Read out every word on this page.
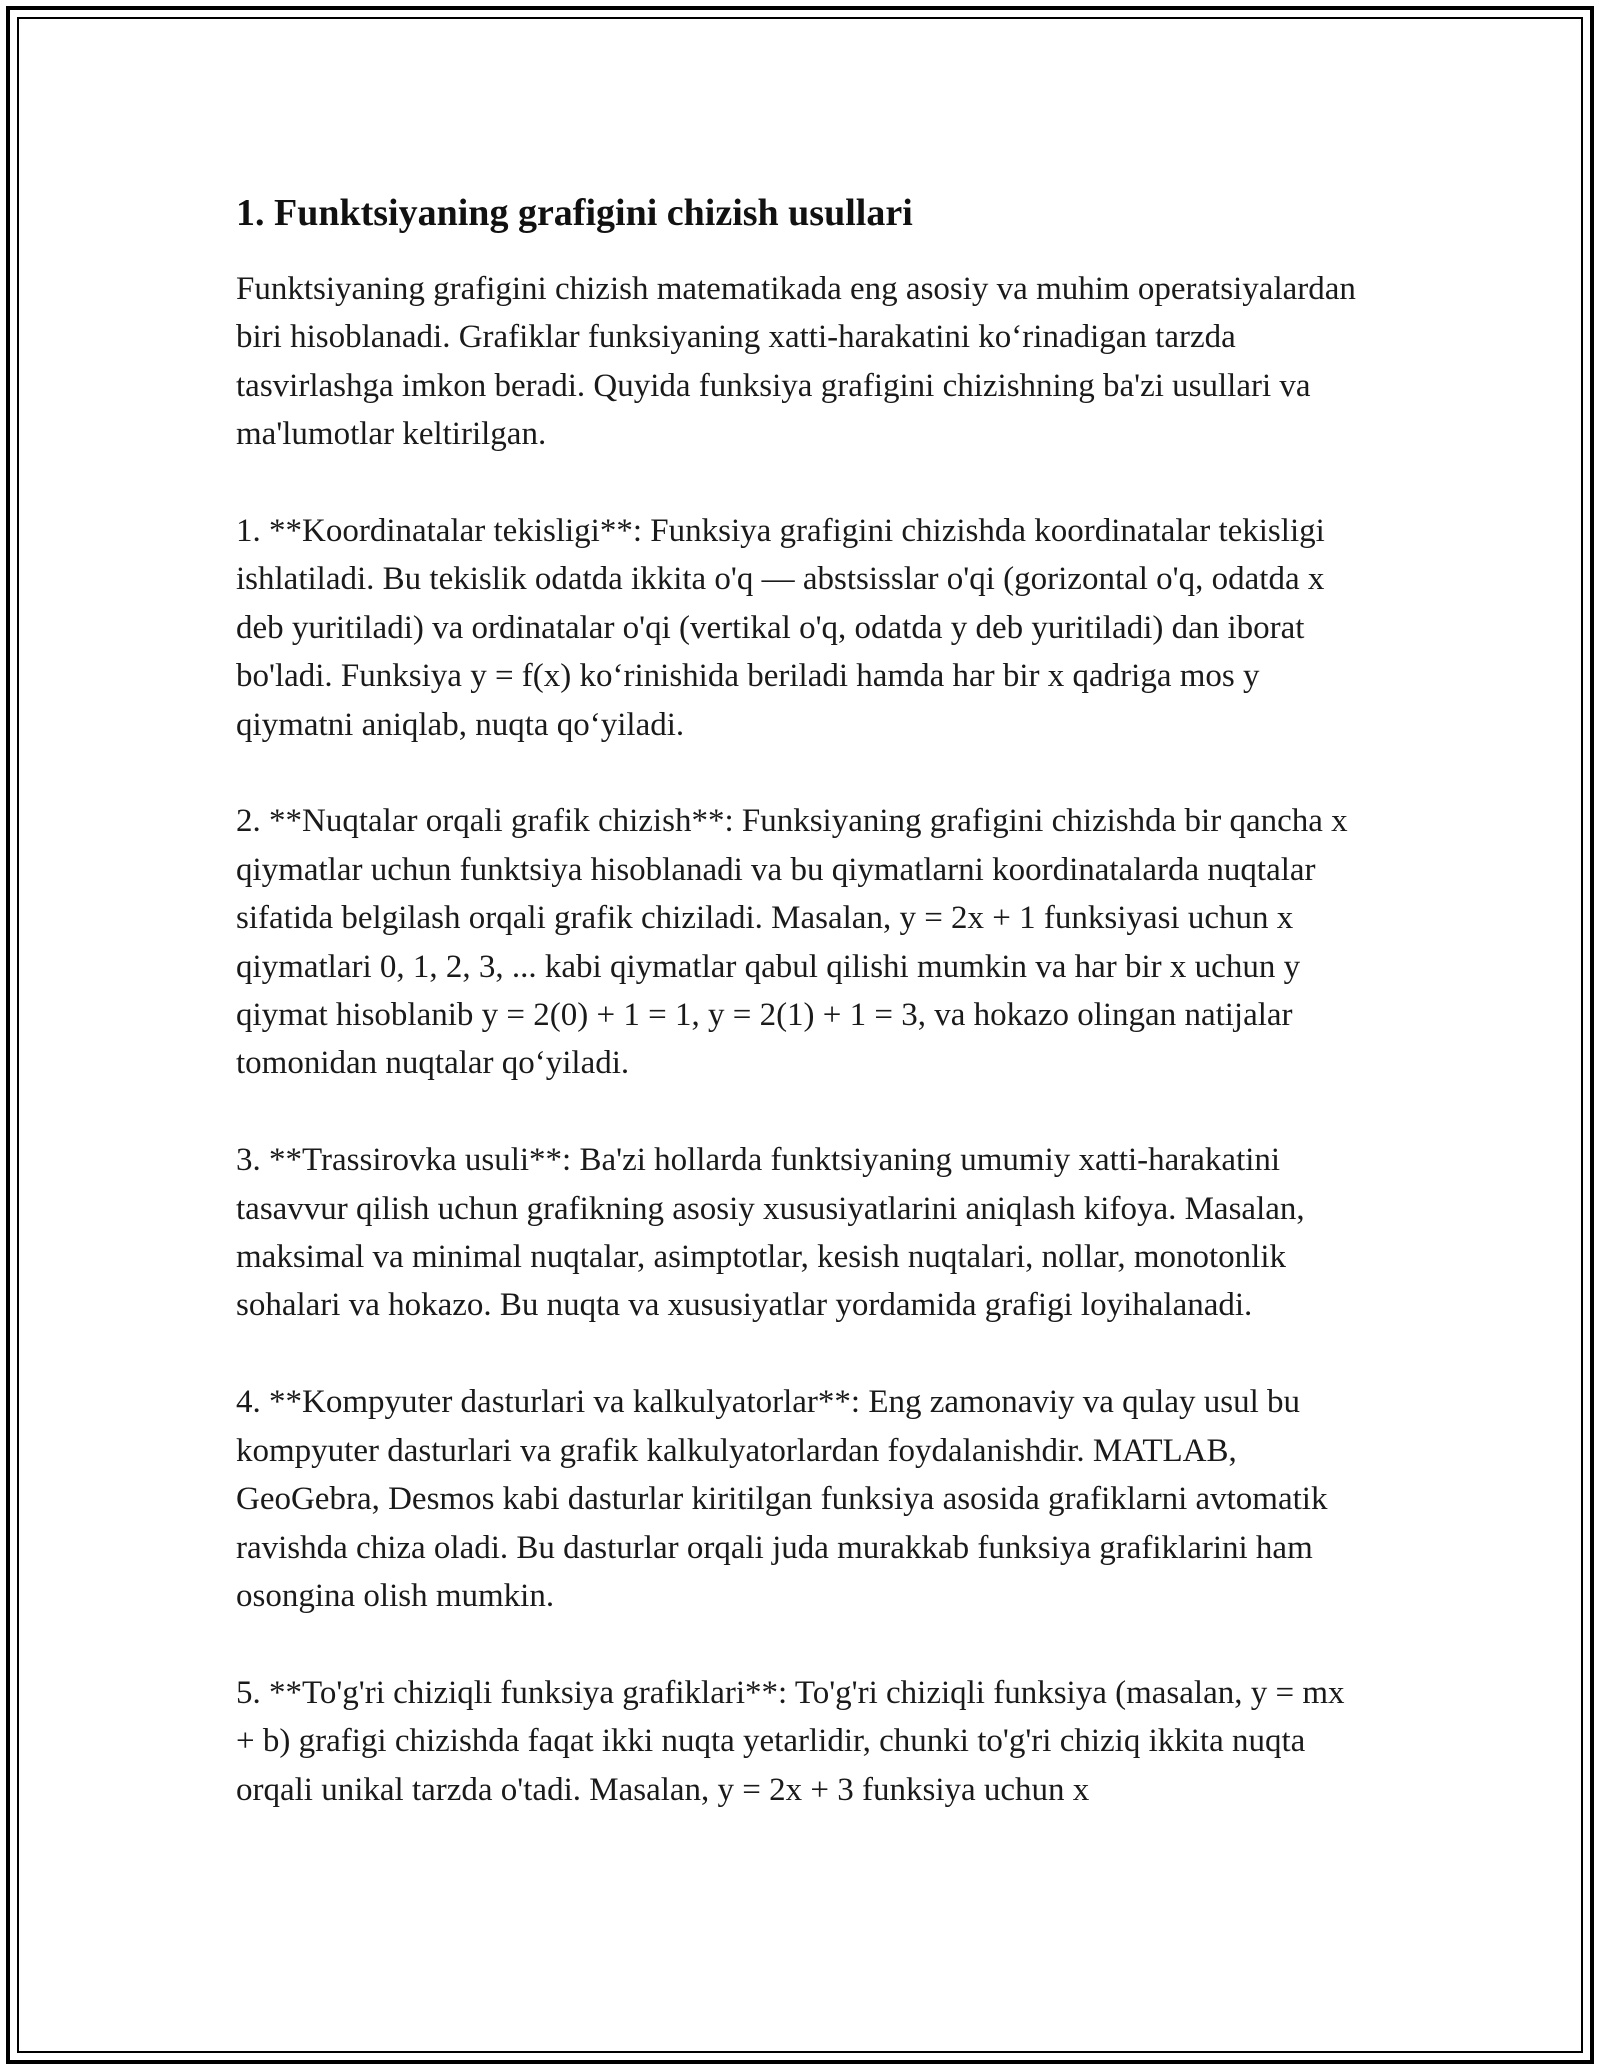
1. Funktsiyaning grafigini chizish usullari

Funktsiyaning grafigini chizish matematikada eng asosiy va muhim operatsiyalardan biri hisoblanadi. Grafiklar funksiyaning xatti-harakatini ko‘rinadigan tarzda tasvirlashga imkon beradi. Quyida funksiya grafigini chizishning ba'zi usullari va ma'lumotlar keltirilgan.

1. **Koordinatalar tekisligi**: Funksiya grafigini chizishda koordinatalar tekisligi ishlatiladi. Bu tekislik odatda ikkita o'q — abstsisslar o'qi (gorizontal o'q, odatda x deb yuritiladi) va ordinatalar o'qi (vertikal o'q, odatda y deb yuritiladi) dan iborat bo'ladi. Funksiya y = f(x) ko‘rinishida beriladi hamda har bir x qadriga mos y qiymatni aniqlab, nuqta qo‘yiladi.

2. **Nuqtalar orqali grafik chizish**: Funksiyaning grafigini chizishda bir qancha x qiymatlar uchun funktsiya hisoblanadi va bu qiymatlarni koordinatalarda nuqtalar sifatida belgilash orqali grafik chiziladi. Masalan, y = 2x + 1 funksiyasi uchun x qiymatlari 0, 1, 2, 3, ... kabi qiymatlar qabul qilishi mumkin va har bir x uchun y qiymat hisoblanib y = 2(0) + 1 = 1, y = 2(1) + 1 = 3, va hokazo olingan natijalar tomonidan nuqtalar qo‘yiladi.

3. **Trassirovka usuli**: Ba'zi hollarda funktsiyaning umumiy xatti-harakatini tasavvur qilish uchun grafikning asosiy xususiyatlarini aniqlash kifoya. Masalan, maksimal va minimal nuqtalar, asimptotlar, kesish nuqtalari, nollar, monotonlik sohalari va hokazo. Bu nuqta va xususiyatlar yordamida grafigi loyihalanadi.

4. **Kompyuter dasturlari va kalkulyatorlar**: Eng zamonaviy va qulay usul bu kompyuter dasturlari va grafik kalkulyatorlardan foydalanishdir. MATLAB, GeoGebra, Desmos kabi dasturlar kiritilgan funksiya asosida grafiklarni avtomatik ravishda chiza oladi. Bu dasturlar orqali juda murakkab funksiya grafiklarini ham osongina olish mumkin.

5. **To'g'ri chiziqli funksiya grafiklari**: To'g'ri chiziqli funksiya (masalan, y = mx + b) grafigi chizishda faqat ikki nuqta yetarlidir, chunki to'g'ri chiziq ikkita nuqta orqali unikal tarzda o'tadi. Masalan, y = 2x + 3 funksiya uchun x
